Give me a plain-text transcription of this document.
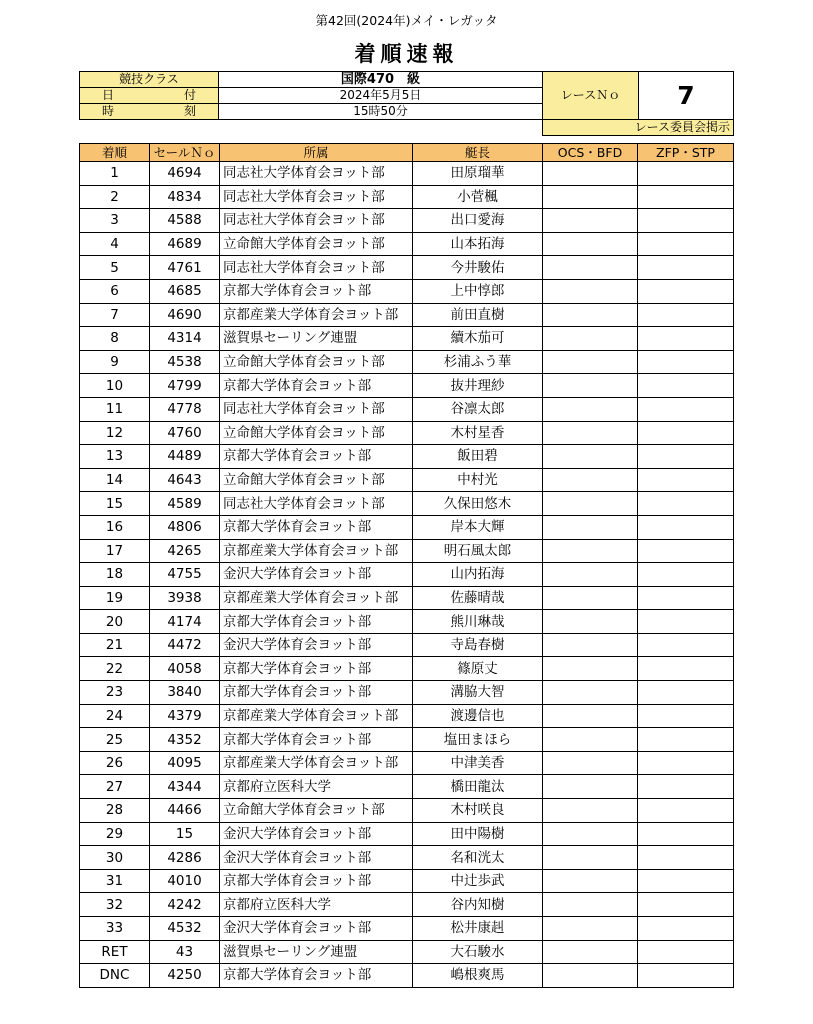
第42回(2024年)メイ・レガッタ
着順速報
競技クラス	国際470　級	レースＮｏ	7
日付	2024年5月5日		
時刻	15時50分		
		レース委員会掲示	
着順	セールＮｏ	所属	艇長	OCS・BFD	ZFP・STP
1	4694	同志社大学体育会ヨット部	田原瑠華		
2	4834	同志社大学体育会ヨット部	小菅楓		
3	4588	同志社大学体育会ヨット部	出口愛海		
4	4689	立命館大学体育会ヨット部	山本拓海		
5	4761	同志社大学体育会ヨット部	今井駿佑		
6	4685	京都大学体育会ヨット部	上中惇郎		
7	4690	京都産業大学体育会ヨット部	前田直樹		
8	4314	滋賀県セーリング連盟	續木茄可		
9	4538	立命館大学体育会ヨット部	杉浦ふう華		
10	4799	京都大学体育会ヨット部	抜井理紗		
11	4778	同志社大学体育会ヨット部	谷凛太郎		
12	4760	立命館大学体育会ヨット部	木村星香		
13	4489	京都大学体育会ヨット部	飯田碧		
14	4643	立命館大学体育会ヨット部	中村光		
15	4589	同志社大学体育会ヨット部	久保田悠木		
16	4806	京都大学体育会ヨット部	岸本大輝		
17	4265	京都産業大学体育会ヨット部	明石風太郎		
18	4755	金沢大学体育会ヨット部	山内拓海		
19	3938	京都産業大学体育会ヨット部	佐藤晴哉		
20	4174	京都大学体育会ヨット部	熊川琳哉		
21	4472	金沢大学体育会ヨット部	寺島春樹		
22	4058	京都大学体育会ヨット部	篠原丈		
23	3840	京都大学体育会ヨット部	溝脇大智		
24	4379	京都産業大学体育会ヨット部	渡邊信也		
25	4352	京都大学体育会ヨット部	塩田まほら		
26	4095	京都産業大学体育会ヨット部	中津美香		
27	4344	京都府立医科大学	橋田龍汰		
28	4466	立命館大学体育会ヨット部	木村咲良		
29	15	金沢大学体育会ヨット部	田中陽樹		
30	4286	金沢大学体育会ヨット部	名和洸太		
31	4010	京都大学体育会ヨット部	中辻歩武		
32	4242	京都府立医科大学	谷内知樹		
33	4532	金沢大学体育会ヨット部	松井康赳		
RET	43	滋賀県セーリング連盟	大石駿水		
DNC	4250	京都大学体育会ヨット部	嶋根爽馬		
